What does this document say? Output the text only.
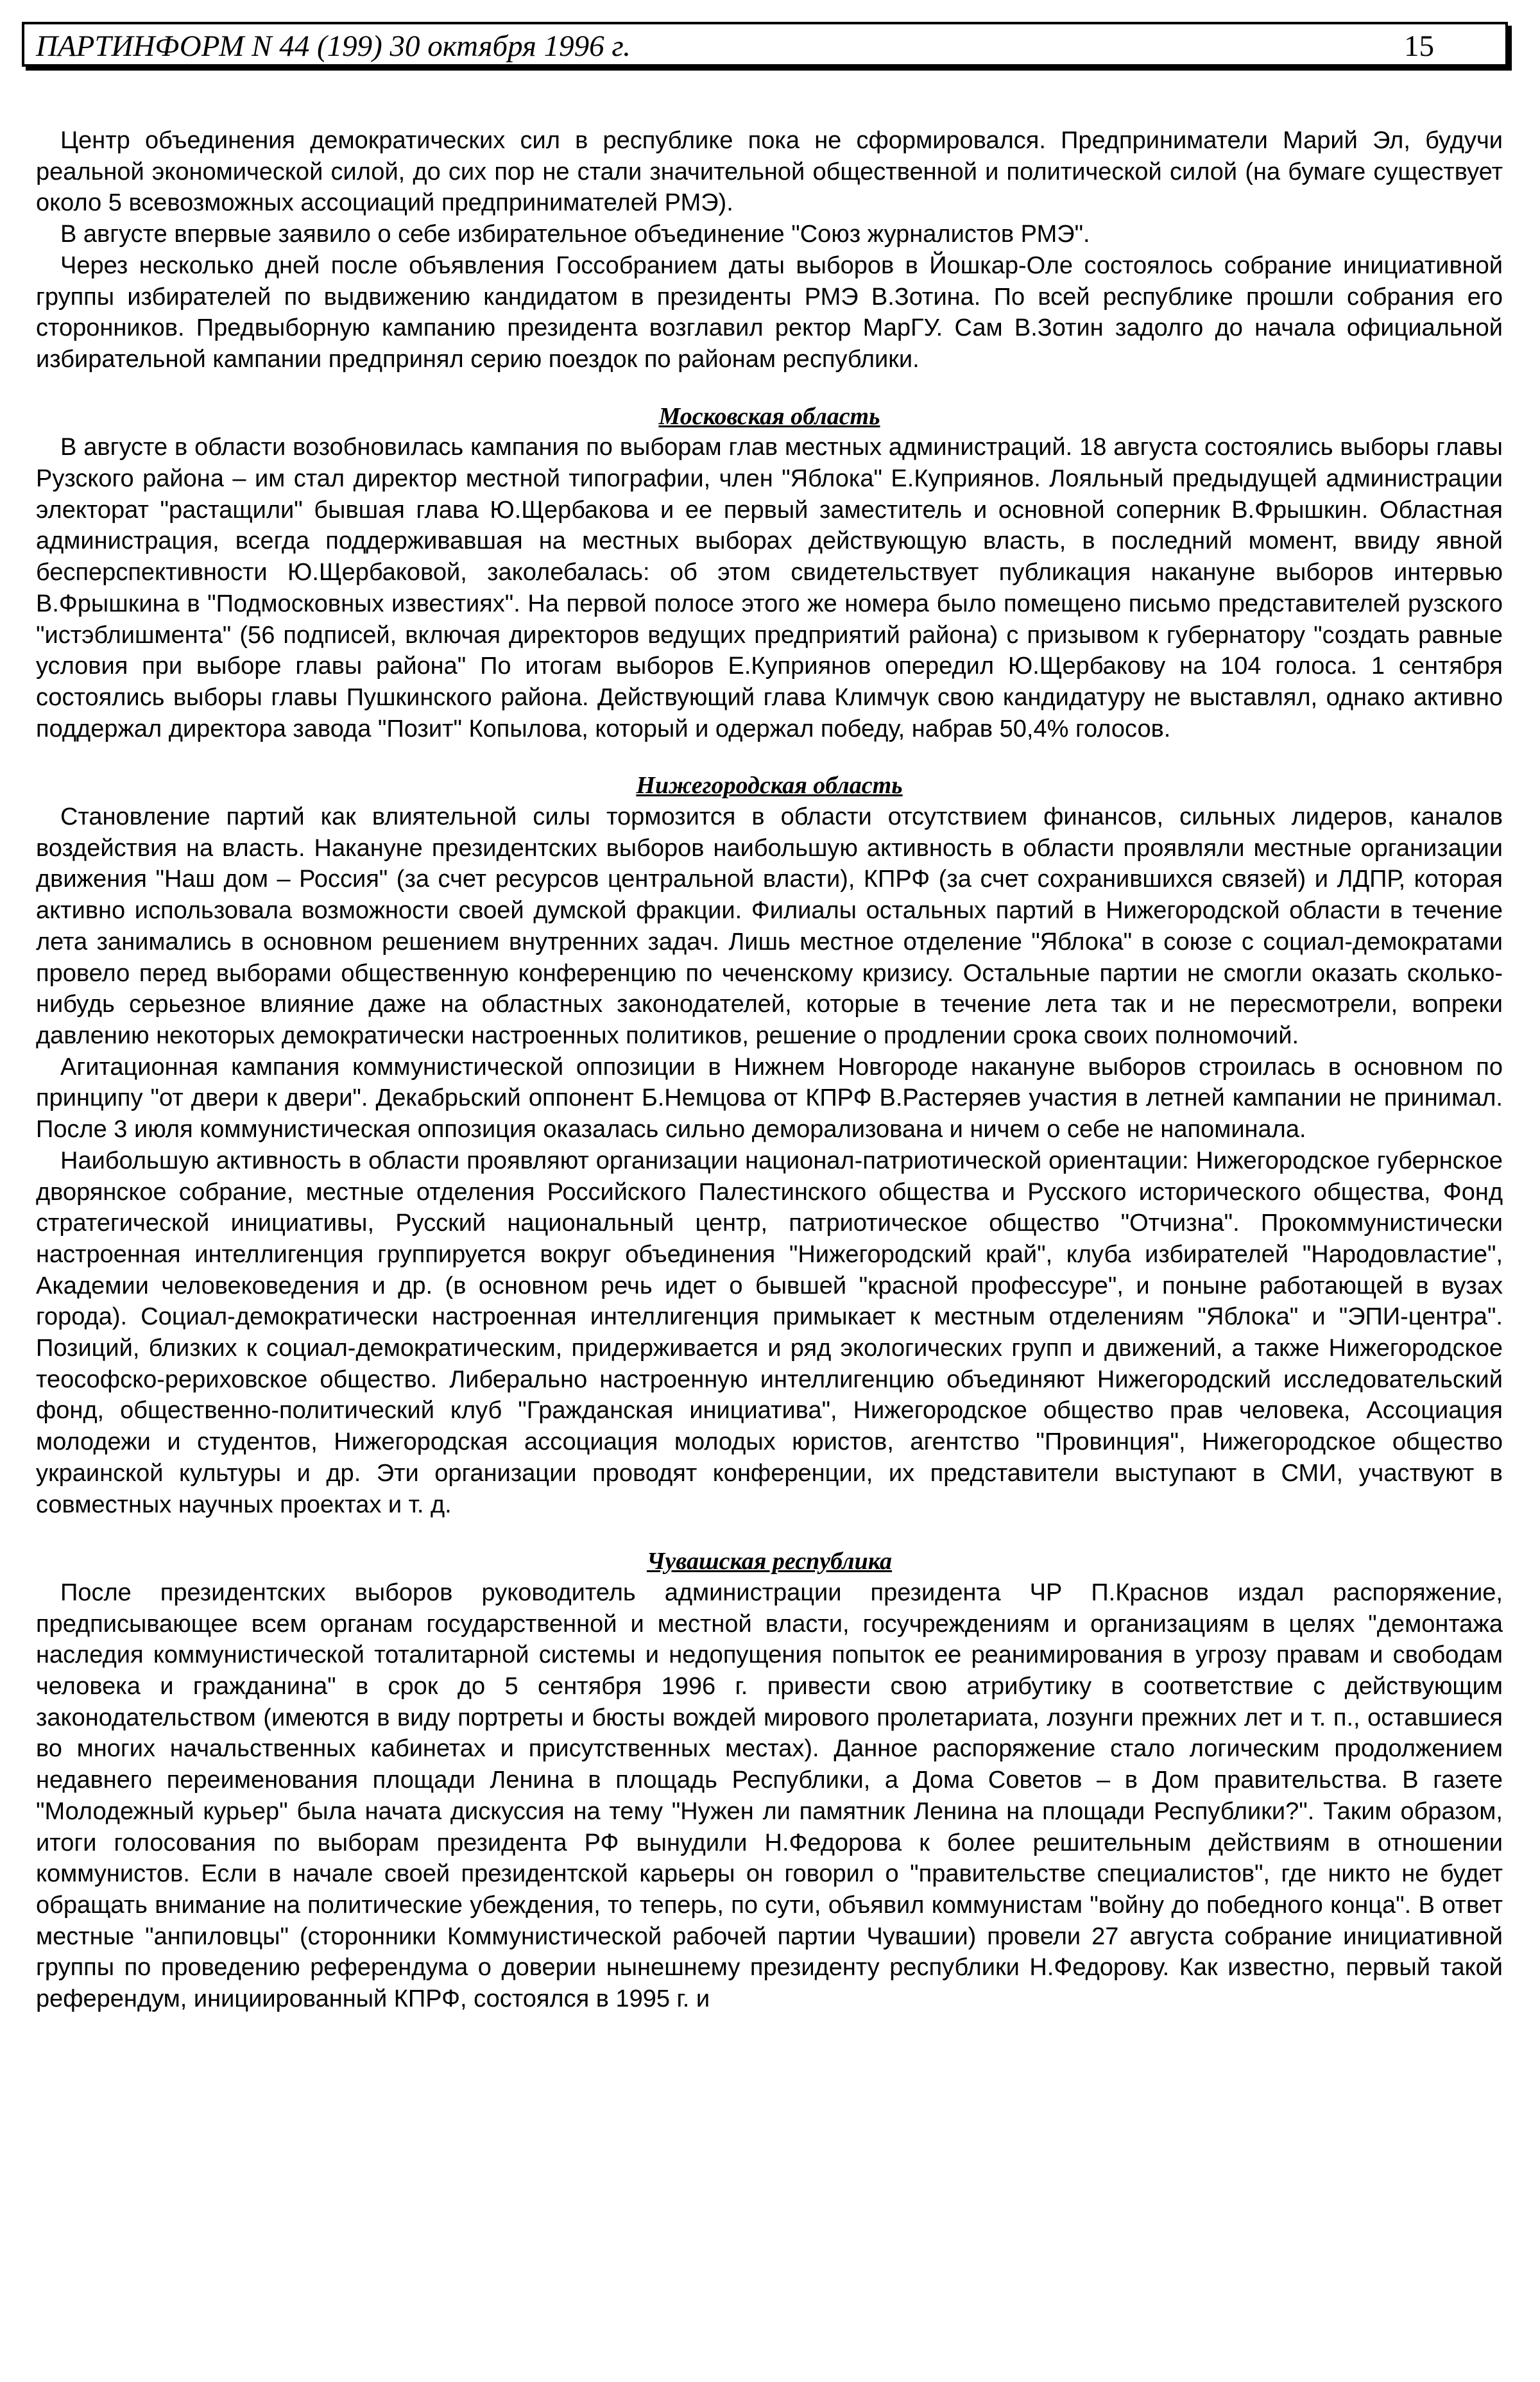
ПАРТИНФОРМ N 44 (199) 30 октября 1996 г.	15

Центр объединения демократических сил в республике пока не сформировался. Предприниматели Марий Эл, будучи реальной экономической силой, до сих пор не стали значительной общественной и политической силой (на бумаге существует около 5 всевозможных ассоциаций предпринимателей РМЭ).

В августе впервые заявило о себе избирательное объединение "Союз журналистов РМЭ".

Через несколько дней после объявления Госсобранием даты выборов в Йошкар-Оле состоялось собрание инициативной группы избирателей по выдвижению кандидатом в президенты РМЭ В.Зотина. По всей республике прошли собрания его сторонников. Предвыборную кампанию президента возглавил ректор МарГУ. Сам В.Зотин задолго до начала официальной избирательной кампании предпринял серию поездок по районам республики.

Московская область

В августе в области возобновилась кампания по выборам глав местных администраций. 18 августа состоялись выборы главы Рузского района – им стал директор местной типографии, член "Яблока" Е.Куприянов. Лояльный предыдущей администрации электорат "растащили" бывшая глава Ю.Щербакова и ее первый заместитель и основной соперник В.Фрышкин. Областная администрация, всегда поддерживавшая на местных выборах действующую власть, в последний момент, ввиду явной бесперспективности Ю.Щербаковой, заколебалась: об этом свидетельствует публикация накануне выборов интервью В.Фрышкина в "Подмосковных известиях". На первой полосе этого же номера было помещено письмо представителей рузского "истэблишмента" (56 подписей, включая директоров ведущих предприятий района) с призывом к губернатору "создать равные условия при выборе главы района" По итогам выборов Е.Куприянов опередил Ю.Щербакову на 104 голоса. 1 сентября состоялись выборы главы Пушкинского района. Действующий глава Климчук свою кандидатуру не выставлял, однако активно поддержал директора завода "Позит" Копылова, который и одержал победу, набрав 50,4% голосов.

Нижегородская область

Становление партий как влиятельной силы тормозится в области отсутствием финансов, сильных лидеров, каналов воздействия на власть. Накануне президентских выборов наибольшую активность в области проявляли местные организации движения "Наш дом – Россия" (за счет ресурсов центральной власти), КПРФ (за счет сохранившихся связей) и ЛДПР, которая активно использовала возможности своей думской фракции. Филиалы остальных партий в Нижегородской области в течение лета занимались в основном решением внутренних задач. Лишь местное отделение "Яблока" в союзе с социал-демократами провело перед выборами общественную конференцию по чеченскому кризису. Остальные партии не смогли оказать сколько-нибудь серьезное влияние даже на областных законодателей, которые в течение лета так и не пересмотрели, вопреки давлению некоторых демократически настроенных политиков, решение о продлении срока своих полномочий.

Агитационная кампания коммунистической оппозиции в Нижнем Новгороде накануне выборов строилась в основном по принципу "от двери к двери". Декабрьский оппонент Б.Немцова от КПРФ В.Растеряев участия в летней кампании не принимал. После 3 июля коммунистическая оппозиция оказалась сильно деморализована и ничем о себе не напоминала.

Наибольшую активность в области проявляют организации национал-патриотической ориентации: Нижегородское губернское дворянское собрание, местные отделения Российского Палестинского общества и Русского исторического общества, Фонд стратегической инициативы, Русский национальный центр, патриотическое общество "Отчизна". Прокоммунистически настроенная интеллигенция группируется вокруг объединения "Нижегородский край", клуба избирателей "Народовластие", Академии человековедения и др. (в основном речь идет о бывшей "красной профессуре", и поныне работающей в вузах города). Социал-демократически настроенная интеллигенция примыкает к местным отделениям "Яблока" и "ЭПИ-центра". Позиций, близких к социал-демократическим, придерживается и ряд экологических групп и движений, а также Нижегородское теософско-рериховское общество. Либерально настроенную интеллигенцию объединяют Нижегородский исследовательский фонд, общественно-политический клуб "Гражданская инициатива", Нижегородское общество прав человека, Ассоциация молодежи и студентов, Нижегородская ассоциация молодых юристов, агентство "Провинция", Нижегородское общество украинской культуры и др. Эти организации проводят конференции, их представители выступают в СМИ, участвуют в совместных научных проектах и т. д.

Чувашская республика

После президентских выборов руководитель администрации президента ЧР П.Краснов издал распоряжение, предписывающее всем органам государственной и местной власти, госучреждениям и организациям в целях "демонтажа наследия коммунистической тоталитарной системы и недопущения попыток ее реанимирования в угрозу правам и свободам человека и гражданина" в срок до 5 сентября 1996 г. привести свою атрибутику в соответствие с действующим законодательством (имеются в виду портреты и бюсты вождей мирового пролетариата, лозунги прежних лет и т. п., оставшиеся во многих начальственных кабинетах и присутственных местах). Данное распоряжение стало логическим продолжением недавнего переименования площади Ленина в площадь Республики, а Дома Советов – в Дом правительства. В газете "Молодежный курьер" была начата дискуссия на тему "Нужен ли памятник Ленина на площади Республики?". Таким образом, итоги голосования по выборам президента РФ вынудили Н.Федорова к более решительным действиям в отношении коммунистов. Если в начале своей президентской карьеры он говорил о "правительстве специалистов", где никто не будет обращать внимание на политические убеждения, то теперь, по сути, объявил коммунистам "войну до победного конца". В ответ местные "анпиловцы" (сторонники Коммунистической рабочей партии Чувашии) провели 27 августа собрание инициативной группы по проведению референдума о доверии нынешнему президенту республики Н.Федорову. Как известно, первый такой референдум, инициированный КПРФ, состоялся в 1995 г. и
